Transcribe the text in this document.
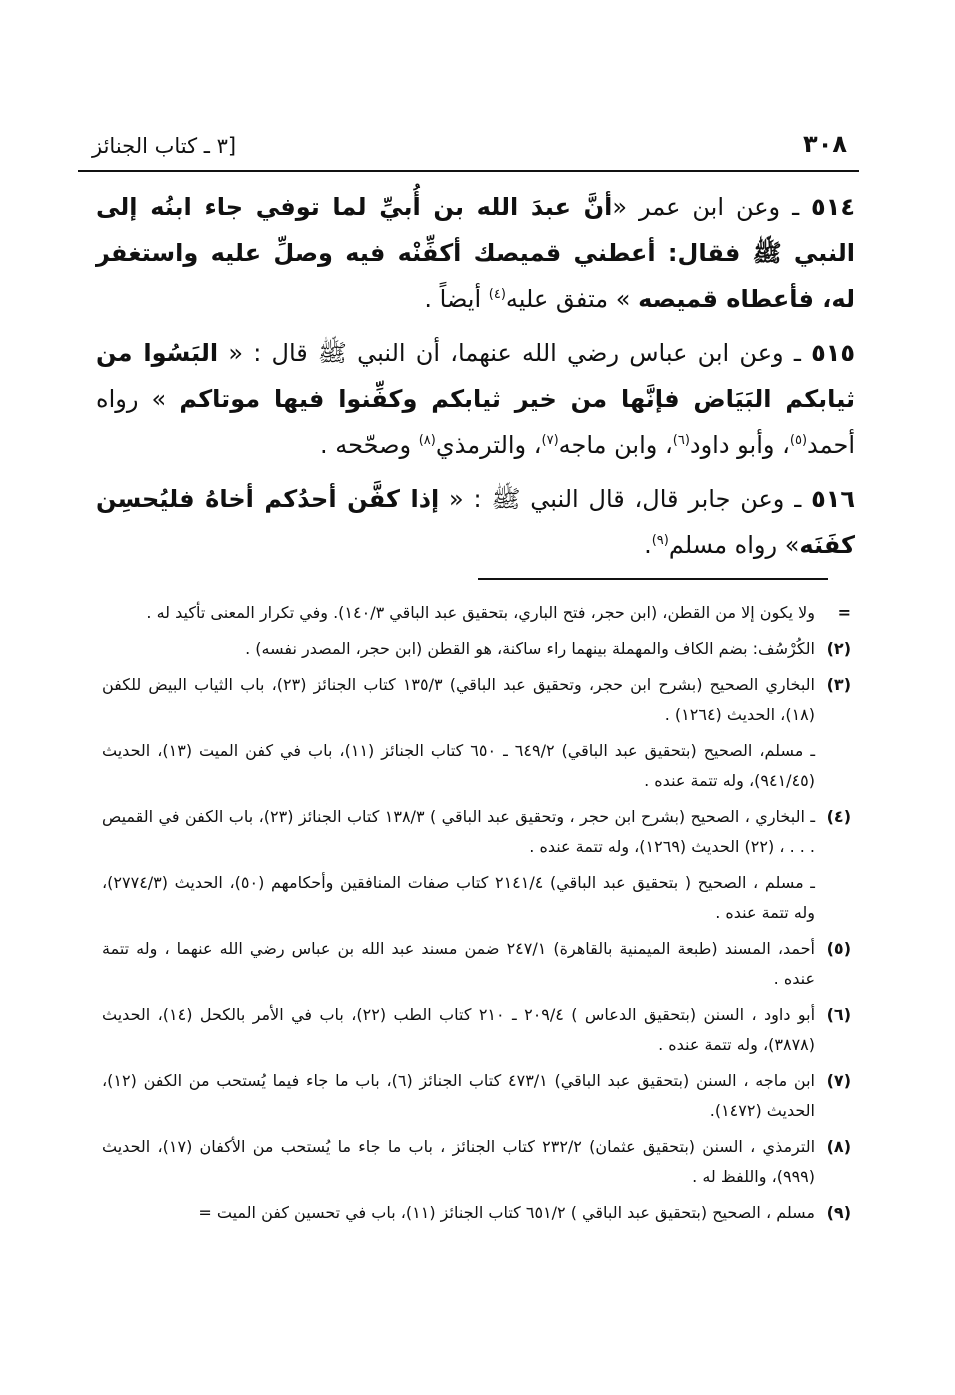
٣٠٨
[٣ ـ كتاب الجنائز

٥١٤ ـ وعن ابن عمر «أنَّ عبدَ الله بن أُبيِّ لما توفي جاء ابنُه إلى النبي ﷺ فقال: أعطني قميصك أكفِّنْه فيه وصلِّ عليه واستغفر له، فأعطاه قميصه » متفق عليه$^{(٤)}$ أيضاً .

٥١٥ ـ وعن ابن عباس رضي الله عنهما، أن النبي ﷺ قال : « البَسُوا من ثيابكم البَيَاض فإنَّها من خير ثيابكم وكفِّنوا فيها موتاكم » رواه أحمد$^{(٥)}$، وأبو داود$^{(٦)}$، وابن ماجه$^{(٧)}$، والترمذي$^{(٨)}$ وصحّحه .

٥١٦ ـ وعن جابر قال، قال النبي ﷺ : « إذا كفَّن أحدُكم أخاهُ فليُحسِن كفَنَه» رواه مسلم$^{(٩)}$.

=
ولا يكون إلا من القطن، (ابن حجر، فتح الباري، بتحقيق عبد الباقي ١٤٠/٣). وفي تكرار المعنى تأكيد له .
(٢)
الكُرْسُف: بضم الكاف والمهملة بينهما راء ساكنة، هو القطن (ابن حجر، المصدر نفسه) .
(٣)
البخاري الصحيح (بشرح ابن حجر، وتحقيق عبد الباقي) ١٣٥/٣ كتاب الجنائز (٢٣)، باب الثياب البيض للكفن (١٨)، الحديث (١٢٦٤) .
ـ مسلم، الصحيح (بتحقيق عبد الباقي) ٦٤٩/٢ ـ ٦٥٠ كتاب الجنائز (١١)، باب في كفن الميت (١٣)، الحديث (٩٤١/٤٥)، وله تتمة عنده .
(٤)
ـ البخاري ، الصحيح (بشرح ابن حجر ، وتحقيق عبد الباقي ) ١٣٨/٣ كتاب الجنائز (٢٣)، باب الكفن في القميص . . . ، (٢٢) الحديث (١٢٦٩)، وله تتمة عنده .
ـ مسلم ، الصحيح ( بتحقيق عبد الباقي) ٢١٤١/٤ كتاب صفات المنافقين وأحكامهم (٥٠)، الحديث (٢٧٧٤/٣)، وله تتمة عنده .
(٥)
أحمد، المسند (طبعة الميمنية بالقاهرة) ٢٤٧/١ ضمن مسند عبد الله بن عباس رضي الله عنهما ، وله تتمة عنده .
(٦)
أبو داود ، السنن (بتحقيق الدعاس ) ٢٠٩/٤ ـ ٢١٠ كتاب الطب (٢٢)، باب في الأمر بالكحل (١٤)، الحديث (٣٨٧٨)، وله تتمة عنده .
(٧)
ابن ماجه ، السنن (بتحقيق عبد الباقي) ٤٧٣/١ كتاب الجنائز (٦)، باب ما جاء فيما يُستحب من الكفن (١٢)، الحديث (١٤٧٢).
(٨)
الترمذي ، السنن (بتحقيق عثمان) ٢٣٢/٢ كتاب الجنائز ، باب ما جاء ما يُستحب من الأكفان (١٧)، الحديث (٩٩٩)، واللفظ له .
(٩)
مسلم ، الصحيح (بتحقيق عبد الباقي ) ٦٥١/٢ كتاب الجنائز (١١)، باب في تحسين كفن الميت =
